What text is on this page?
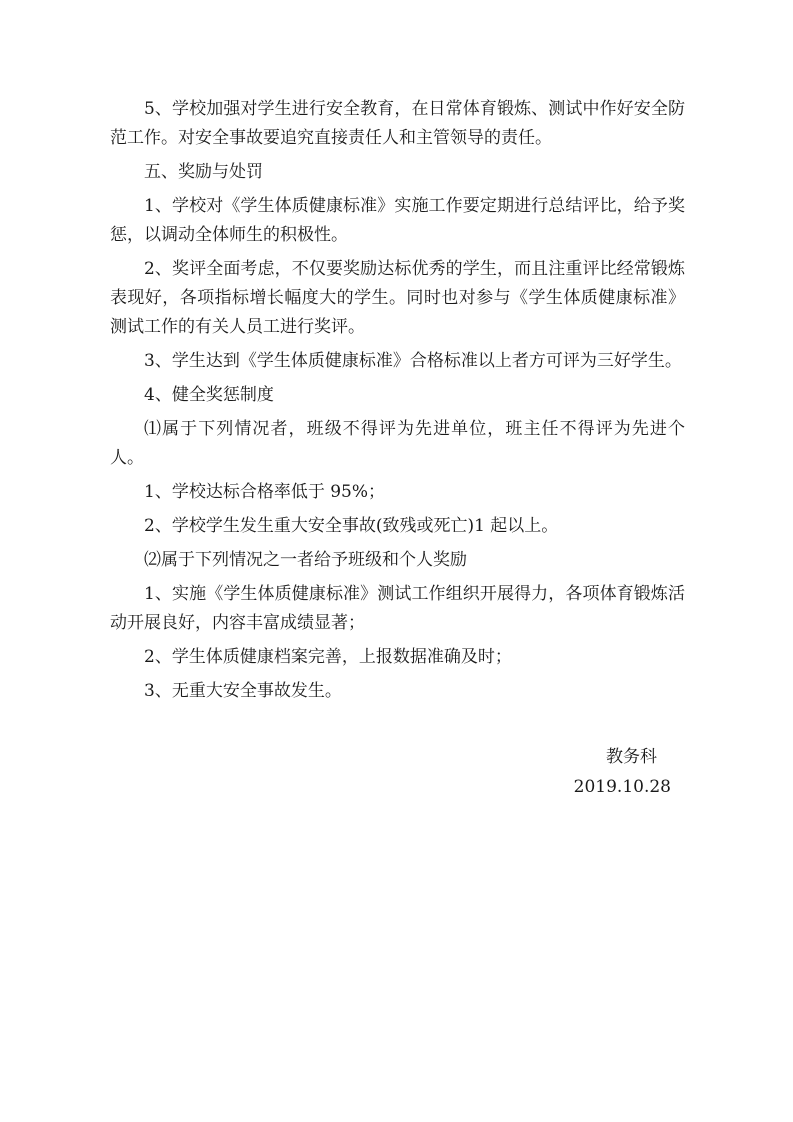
5、学校加强对学生进行安全教育，在日常体育锻炼、测试中作好安全防范工作。对安全事故要追究直接责任人和主管领导的责任。

五、奖励与处罚

1、学校对《学生体质健康标准》实施工作要定期进行总结评比，给予奖惩，以调动全体师生的积极性。

2、奖评全面考虑，不仅要奖励达标优秀的学生，而且注重评比经常锻炼表现好，各项指标增长幅度大的学生。同时也对参与《学生体质健康标准》测试工作的有关人员工进行奖评。

3、学生达到《学生体质健康标准》合格标准以上者方可评为三好学生。

4、健全奖惩制度

⑴属于下列情况者，班级不得评为先进单位，班主任不得评为先进个人。

1、学校达标合格率低于 95%；

2、学校学生发生重大安全事故(致残或死亡)1 起以上。

⑵属于下列情况之一者给予班级和个人奖励

1、实施《学生体质健康标准》测试工作组织开展得力，各项体育锻炼活动开展良好，内容丰富成绩显著；

2、学生体质健康档案完善，上报数据准确及时；

3、无重大安全事故发生。

教务科
2019.10.28
